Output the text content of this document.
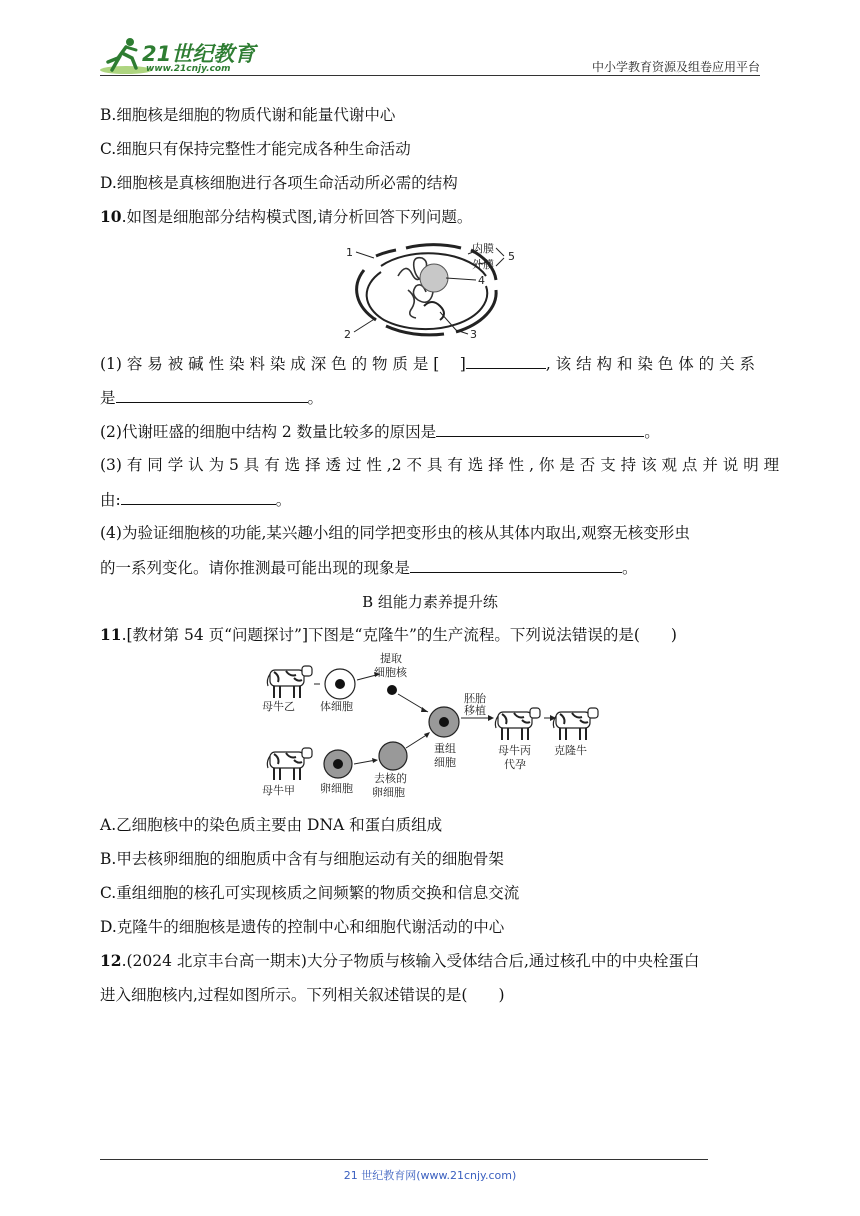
21世纪教育
www.21cnjy.com	中小学教育资源及组卷应用平台
B.细胞核是细胞的物质代谢和能量代谢中心
C.细胞只有保持完整性才能完成各种生命活动
D.细胞核是真核细胞进行各项生命活动所必需的结构
10.如图是细胞部分结构模式图,请分析回答下列问题。
1
2	3
4
5
内膜
外膜
(1) 容 易 被 碱 性 染 料 染 成 深 色 的 物 质 是 [　 ]	, 该 结 构 和 染 色 体 的 关 系
是	。
(2)代谢旺盛的细胞中结构 2 数量比较多的原因是	。
(3) 有 同 学 认 为 5 具 有 选 择 透 过 性 ,2 不 具 有 选 择 性 , 你 是 否 支 持 该 观 点 并 说 明 理
由:	。
(4)为验证细胞核的功能,某兴趣小组的同学把变形虫的核从其体内取出,观察无核变形虫
的一系列变化。请你推测最可能出现的现象是	。
B 组能力素养提升练
11.[教材第 54 页“问题探讨”]下图是“克隆牛”的生产流程。下列说法错误的是(　　)
母牛乙 体细胞
提取
细胞核
重组
细胞
胚胎
移植
母牛丙
代孕
克隆牛
母牛甲 卵细胞
去核的
卵细胞
A.乙细胞核中的染色质主要由 DNA 和蛋白质组成
B.甲去核卵细胞的细胞质中含有与细胞运动有关的细胞骨架
C.重组细胞的核孔可实现核质之间频繁的物质交换和信息交流
D.克隆牛的细胞核是遗传的控制中心和细胞代谢活动的中心
12.(2024 北京丰台高一期末)大分子物质与核输入受体结合后,通过核孔中的中央栓蛋白
进入细胞核内,过程如图所示。下列相关叙述错误的是(　　)
21 世纪教育网(www.21cnjy.com)
